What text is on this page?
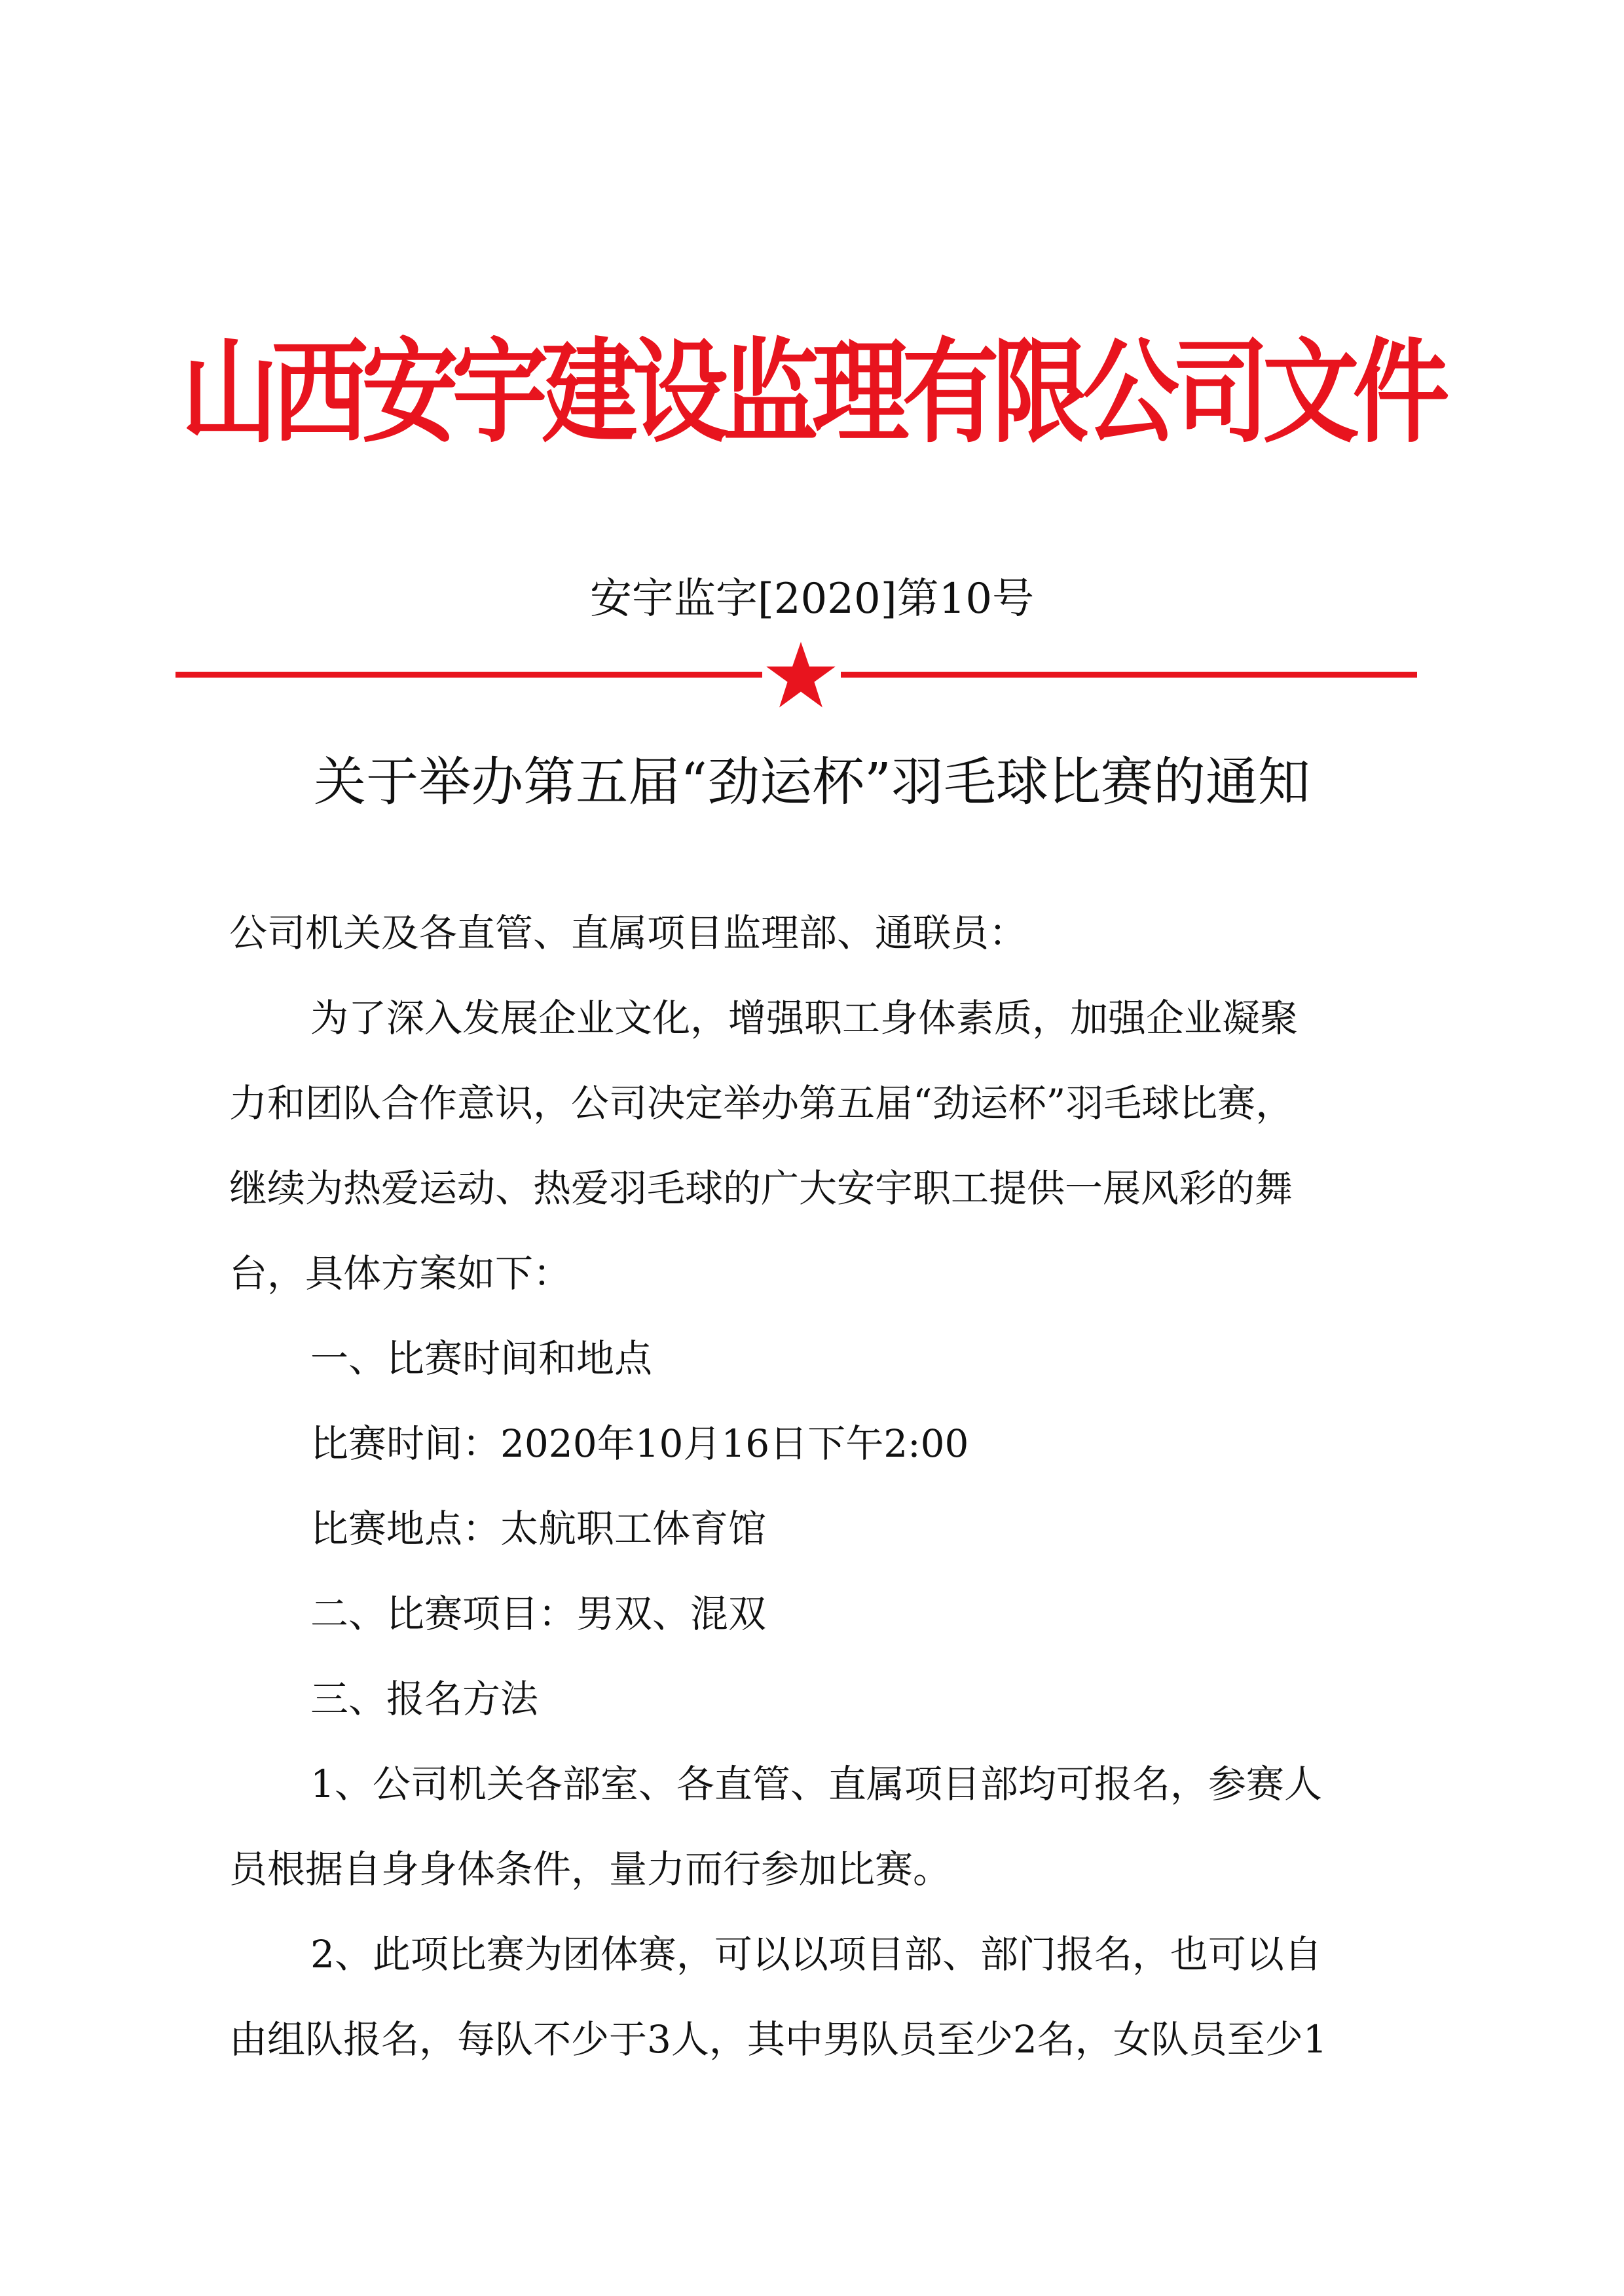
山西安宇建设监理有限公司文件
安宇监字[2020]第10号
关于举办第五届“劲运杯”羽毛球比赛的通知
公司机关及各直管、直属项目监理部、通联员：
为了深入发展企业文化，增强职工身体素质，加强企业凝聚
力和团队合作意识，公司决定举办第五届“劲运杯”羽毛球比赛，
继续为热爱运动、热爱羽毛球的广大安宇职工提供一展风彩的舞
台，具体方案如下：
一、比赛时间和地点
比赛时间：2020年10月16日下午2:00
比赛地点：太航职工体育馆
二、比赛项目：男双、混双
三、报名方法
1、公司机关各部室、各直管、直属项目部均可报名，参赛人
员根据自身身体条件，量力而行参加比赛。
2、此项比赛为团体赛，可以以项目部、部门报名，也可以自
由组队报名，每队不少于3人，其中男队员至少2名，女队员至少1
